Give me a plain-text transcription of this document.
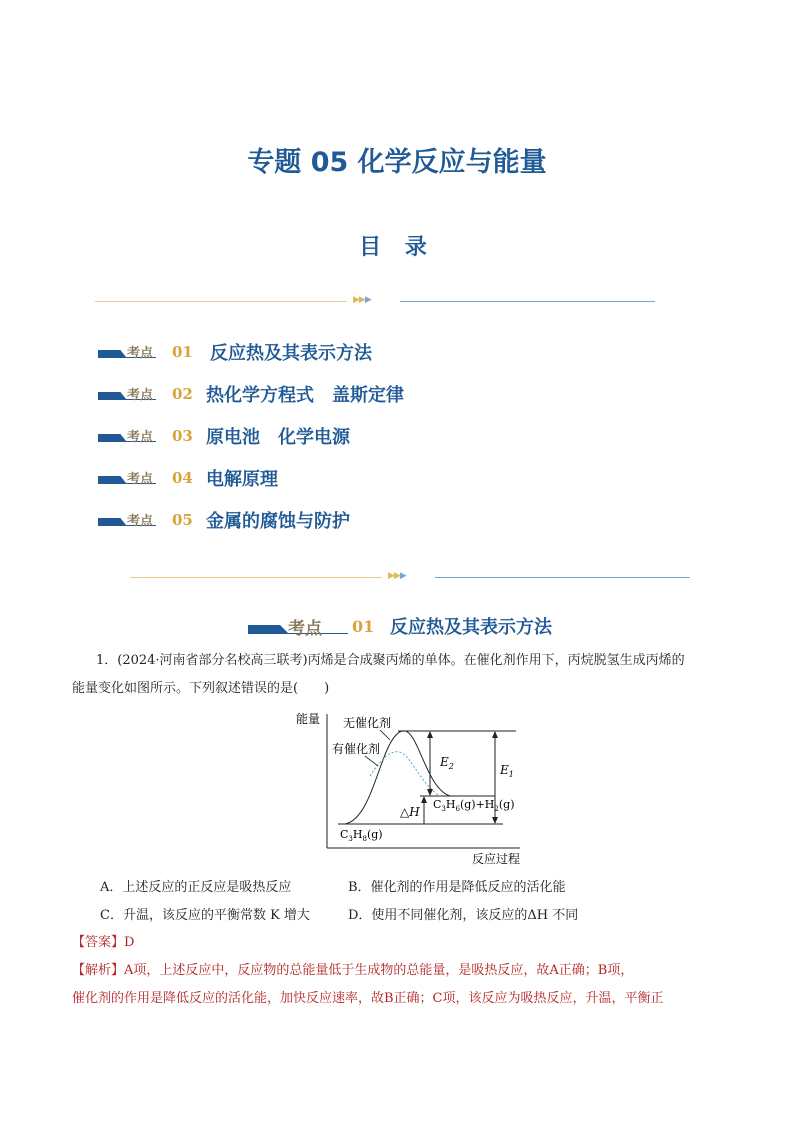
专题 05 化学反应与能量
目 录
▶▶▶
考点 01 反应热及其表示方法
考点 02 热化学方程式　盖斯定律
考点 03 原电池　化学电源
考点 04 电解原理
考点 05 金属的腐蚀与防护
▶▶▶
考点 01 反应热及其表示方法
1．(2024·河南省部分名校高三联考)丙烯是合成聚丙烯的单体。在催化剂作用下，丙烷脱氢生成丙烯的
能量变化如图所示。下列叙述错误的是(　　)
能量
反应过程
无催化剂
有催化剂
$E_2$	$E_1$
△H
$C_3H_6(g)+H_2(g)$
$C_3H_8(g)$
A．上述反应的正反应是吸热反应	B．催化剂的作用是降低反应的活化能
C．升温，该反应的平衡常数 K 增大	D．使用不同催化剂，该反应的ΔH 不同
【答案】D
【解析】A项，上述反应中，反应物的总能量低于生成物的总能量，是吸热反应，故A正确；B项，
催化剂的作用是降低反应的活化能，加快反应速率，故B正确；C项，该反应为吸热反应，升温，平衡正
